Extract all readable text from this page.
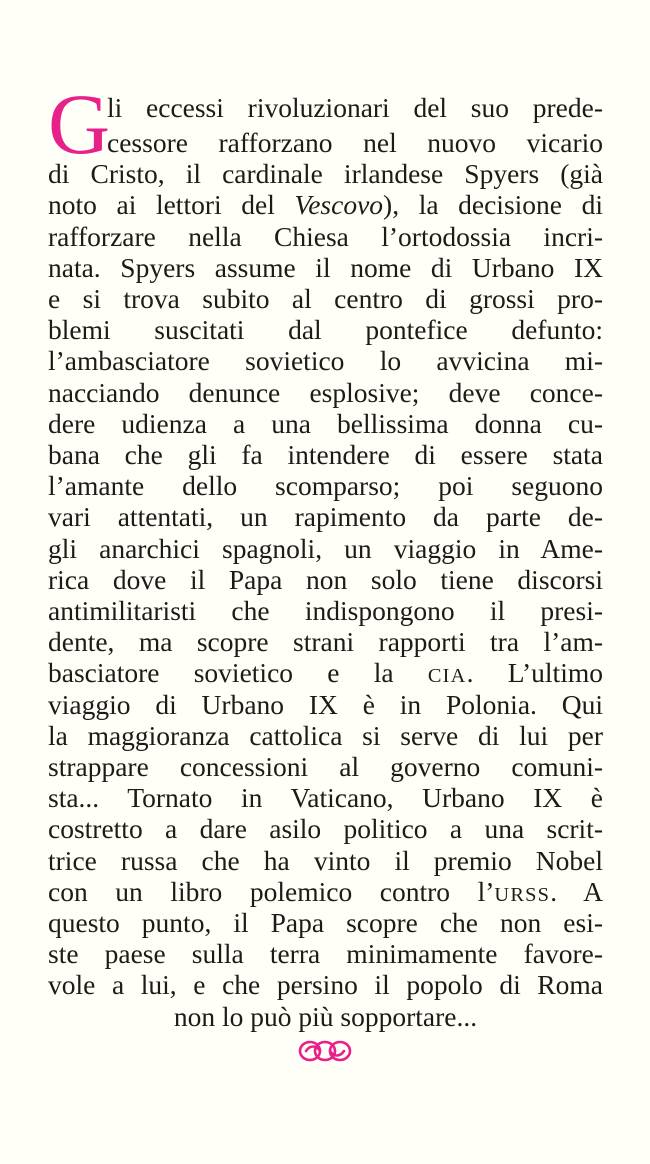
G
li eccessi rivoluzionari del suo prede-
cessore rafforzano nel nuovo vicario
di Cristo, il cardinale irlandese Spyers (già
noto ai lettori del Vescovo), la decisione di
rafforzare nella Chiesa l’ortodossia incri-
nata. Spyers assume il nome di Urbano IX
e si trova subito al centro di grossi pro-
blemi suscitati dal pontefice defunto:
l’ambasciatore sovietico lo avvicina mi-
nacciando denunce esplosive; deve conce-
dere udienza a una bellissima donna cu-
bana che gli fa intendere di essere stata
l’amante dello scomparso; poi seguono
vari attentati, un rapimento da parte de-
gli anarchici spagnoli, un viaggio in Ame-
rica dove il Papa non solo tiene discorsi
antimilitaristi che indispongono il presi-
dente, ma scopre strani rapporti tra l’am-
basciatore sovietico e la CIA. L’ultimo
viaggio di Urbano IX è in Polonia. Qui
la maggioranza cattolica si serve di lui per
strappare concessioni al governo comuni-
sta... Tornato in Vaticano, Urbano IX è
costretto a dare asilo politico a una scrit-
trice russa che ha vinto il premio Nobel
con un libro polemico contro l’URSS. A
questo punto, il Papa scopre che non esi-
ste paese sulla terra minimamente favore-
vole a lui, e che persino il popolo di Roma
non lo può più sopportare...
